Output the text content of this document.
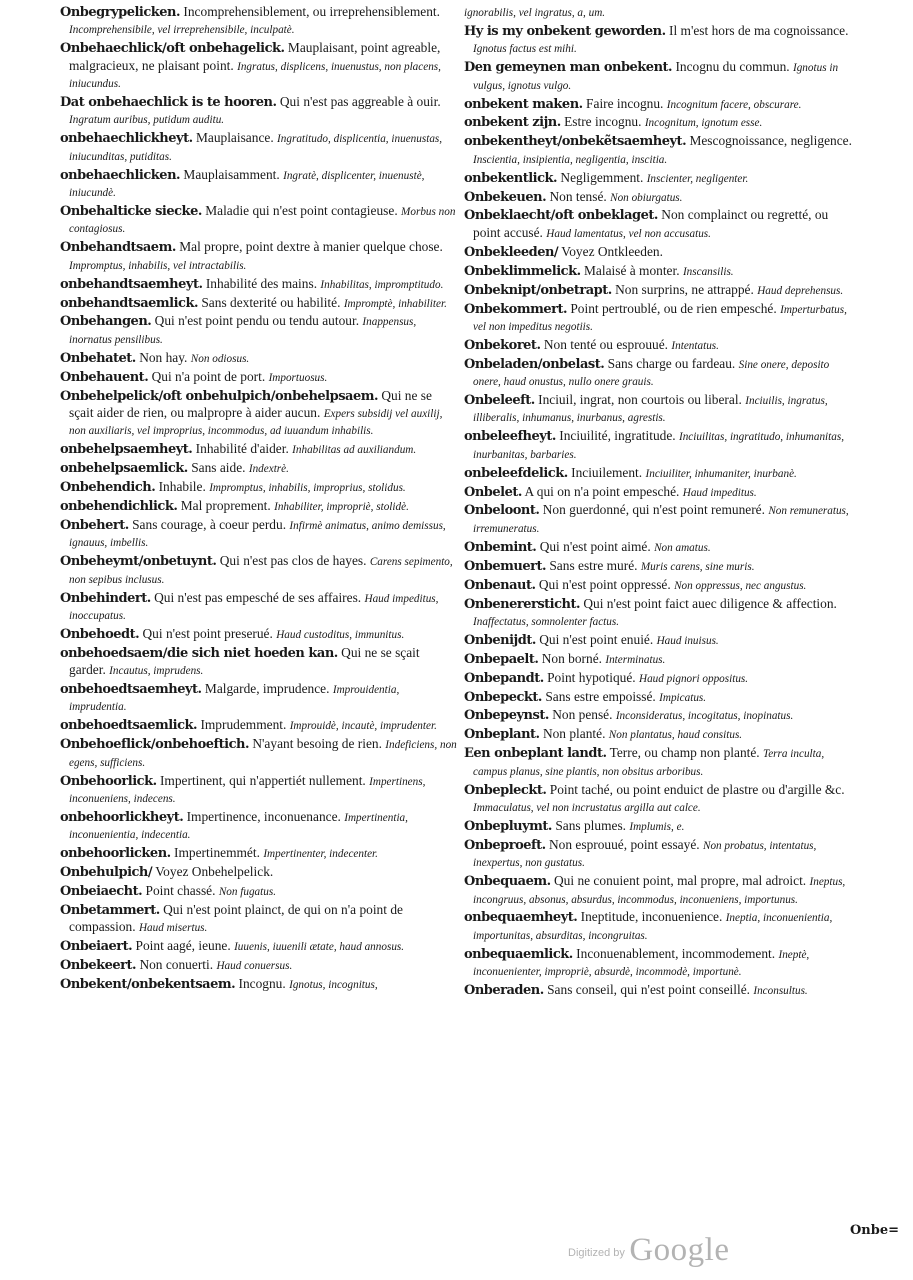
Onbegrypelicken. Incomprehensiblement, ou irreprehensiblement. Incomprehensibile, vel irreprehensibile, inculpatè.
Onbehaechlick/oft onbehagelick. Mauplaisant, point agreable, malgracieux, ne plaisant point. Ingratus, displicens, inuenustus, non placens, iniucundus.
Dat onbehaechlick is te hooren. Qui n'est pas aggreable à ouir. Ingratum auribus, putidum auditu.
onbehaechlickheyt. Mauplaisance. Ingratitudo, displicentia, inuenustas, iniucunditas, putiditas.
onbehaechlicken. Mauplaisamment. Ingratè, displicenter, inuenustè, iniucundè.
Onbehalticke siecke. Maladie qui n'est point contagieuse. Morbus non contagiosus.
Onbehandtsaem. Mal propre, point dextre à manier quelque chose. Impromptus, inhabilis, vel intractabilis.
onbehandtsaemheyt. Inhabilité des mains. Inhabilitas, impromptitudo.
onbehandtsaemlick. Sans dexterité ou habilité. Impromptè, inhabiliter.
Onbehangen. Qui n'est point pendu ou tendu autour. Inappensus, inornatus pensilibus.
Onbehatet. Non hay. Non odiosus.
Onbehauent. Qui n'a point de port. Importuosus.
Onbehelpelick/oft onbehulpich/onbehelpsaem. Qui ne se sçait aider de rien, ou malpropre à aider aucun. Expers subsidij vel auxilij, non auxiliaris, vel improprius, incommodus, ad iuuandum inhabilis.
onbehelpsaemheyt. Inhabilité d'aider. Inhabilitas ad auxiliandum.
onbehelpsaemlick. Sans aide. Indextrè.
Onbehendich. Inhabile. Impromptus, inhabilis, improprius, stolidus.
onbehendichlick. Mal proprement. Inhabiliter, impropriè, stolidè.
Onbehert. Sans courage, à coeur perdu. Infirmè animatus, animo demissus, ignauus, imbellis.
Onbeheymt/onbetuynt. Qui n'est pas clos de hayes. Carens sepimento, non sepibus inclusus.
Onbehindert. Qui n'est pas empesché de ses affaires. Haud impeditus, inoccupatus.
Onbehoedt. Qui n'est point preserué. Haud custoditus, immunitus.
onbehoedsaem/die sich niet hoeden kan. Qui ne se sçait garder. Incautus, imprudens.
onbehoedtsaemheyt. Malgarde, imprudence. Improuidentia, imprudentia.
onbehoedtsaemlick. Imprudemment. Improuidè, incautè, imprudenter.
Onbehoeflick/onbehoeftich. N'ayant besoing de rien. Indeficiens, non egens, sufficiens.
Onbehoorlick. Impertinent, qui n'appertiét nullement. Impertinens, inconueniens, indecens.
onbehoorlickheyt. Impertinence, inconuenance. Impertinentia, inconuenientia, indecentia.
onbehoorlicken. Impertinemmét. Impertinenter, indecenter.
Onbehulpich/ Voyez Onbehelpelick.
Onbeiaecht. Point chassé. Non fugatus.
Onbetammert. Qui n'est point plainct, de qui on n'a point de compassion. Haud misertus.
Onbeiaert. Point aagé, ieune. Iuuenis, iuuenili ætate, haud annosus.
Onbekeert. Non conuerti. Haud conuersus.
Onbekent/onbekentsaem. Incognu. Ignotus, incognitus,
ignorabilis, vel ingratus, a, um.
Hy is my onbekent geworden. Il m'est hors de ma cognoissance. Ignotus factus est mihi.
Den gemeynen man onbekent. Incognu du commun. Ignotus in vulgus, ignotus vulgo.
onbekent maken. Faire incognu. Incognitum facere, obscurare.
onbekent zijn. Estre incognu. Incognitum, ignotum esse.
onbekentheyt/onbekẽtsaemheyt. Mescognoissance, negligence. Inscientia, insipientia, negligentia, inscitia.
onbekentlick. Negligemment. Inscienter, negligenter.
Onbekeuen. Non tensé. Non obiurgatus.
Onbeklaecht/oft onbeklaget. Non complainct ou regretté, ou point accusé. Haud lamentatus, vel non accusatus.
Onbekleeden/ Voyez Ontkleeden.
Onbeklimmelick. Malaisé à monter. Inscansilis.
Onbeknipt/onbetrapt. Non surprins, ne attrappé. Haud deprehensus.
Onbekommert. Point pertroublé, ou de rien empesché. Imperturbatus, vel non impeditus negotiis.
Onbekoret. Non tenté ou esprouué. Intentatus.
Onbeladen/onbelast. Sans charge ou fardeau. Sine onere, deposito onere, haud onustus, nullo onere grauis.
Onbeleeft. Inciuil, ingrat, non courtois ou liberal. Inciuilis, ingratus, illiberalis, inhumanus, inurbanus, agrestis.
onbeleefheyt. Inciuilité, ingratitude. Inciuilitas, ingratitudo, inhumanitas, inurbanitas, barbaries.
onbeleefdelick. Inciuilement. Inciuiliter, inhumaniter, inurbanè.
Onbelet. A qui on n'a point empesché. Haud impeditus.
Onbeloont. Non guerdonné, qui n'est point remuneré. Non remuneratus, irremuneratus.
Onbemint. Qui n'est point aimé. Non amatus.
Onbemuert. Sans estre muré. Muris carens, sine muris.
Onbenaut. Qui n'est point oppressé. Non oppressus, nec angustus.
Onbenerersticht. Qui n'est point faict auec diligence & affection. Inaffectatus, somnolenter factus.
Onbenijdt. Qui n'est point enuié. Haud inuisus.
Onbepaelt. Non borné. Interminatus.
Onbepandt. Point hypotiqué. Haud pignori oppositus.
Onbepeckt. Sans estre empoissé. Impicatus.
Onbepeynst. Non pensé. Inconsideratus, incogitatus, inopinatus.
Onbeplant. Non planté. Non plantatus, haud consitus.
Een onbeplant landt. Terre, ou champ non planté. Terra inculta, campus planus, sine plantis, non obsitus arboribus.
Onbepleckt. Point taché, ou point enduict de plastre ou d'argille &c. Immaculatus, vel non incrustatus argilla aut calce.
Onbepluymt. Sans plumes. Implumis, e.
Onbeproeft. Non esprouué, point essayé. Non probatus, intentatus, inexpertus, non gustatus.
Onbequaem. Qui ne conuient point, mal propre, mal adroict. Ineptus, incongruus, absonus, absurdus, incommodus, inconueniens, importunus.
onbequaemheyt. Ineptitude, inconuenience. Ineptia, inconuenientia, importunitas, absurditas, incongruitas.
onbequaemlick. Inconuenablement, incommodement. Ineptè, inconuenienter, impropriè, absurdè, incommodè, importunè.
Onberaden. Sans conseil, qui n'est point conseillé. Inconsultus.
Onbe=
$^{Digitized by}$ Google
